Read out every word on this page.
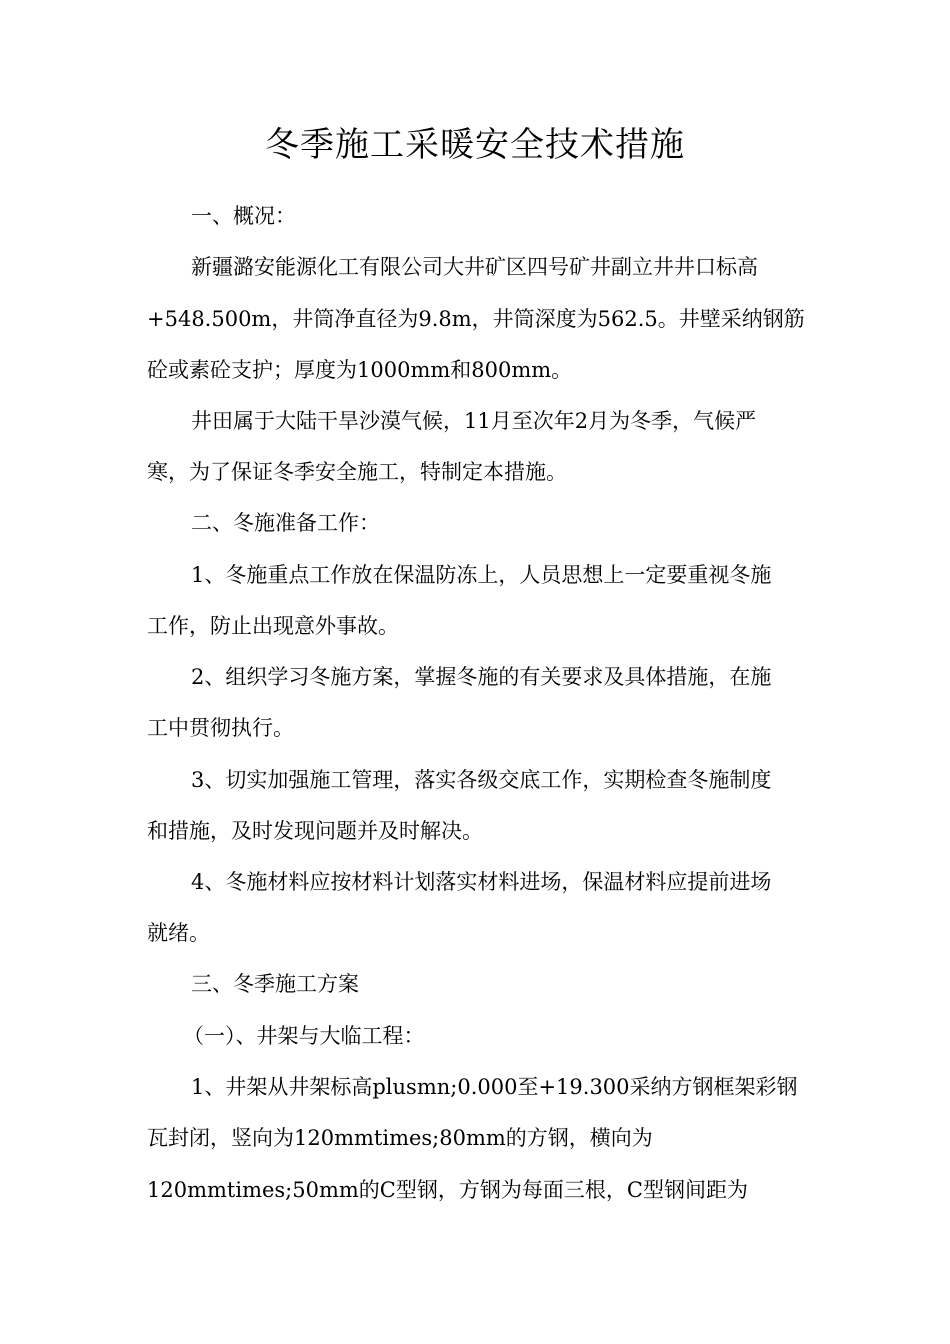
冬季施工采暖安全技术措施
一、概况：
新疆潞安能源化工有限公司大井矿区四号矿井副立井井口标高
+548.500m，井筒净直径为9.8m，井筒深度为562.5。井壁采纳钢筋
砼或素砼支护；厚度为1000mm和800mm。
井田属于大陆干旱沙漠气候，11月至次年2月为冬季，气候严
寒，为了保证冬季安全施工，特制定本措施。
二、冬施准备工作：
1、冬施重点工作放在保温防冻上，人员思想上一定要重视冬施
工作，防止出现意外事故。
2、组织学习冬施方案，掌握冬施的有关要求及具体措施，在施
工中贯彻执行。
3、切实加强施工管理，落实各级交底工作，实期检查冬施制度
和措施，及时发现问题并及时解决。
4、冬施材料应按材料计划落实材料进场，保温材料应提前进场
就绪。
三、冬季施工方案
（一）、井架与大临工程：
1、井架从井架标高plusmn;0.000至+19.300采纳方钢框架彩钢
瓦封闭，竖向为120mmtimes;80mm的方钢，横向为
120mmtimes;50mm的C型钢，方钢为每面三根，C型钢间距为
